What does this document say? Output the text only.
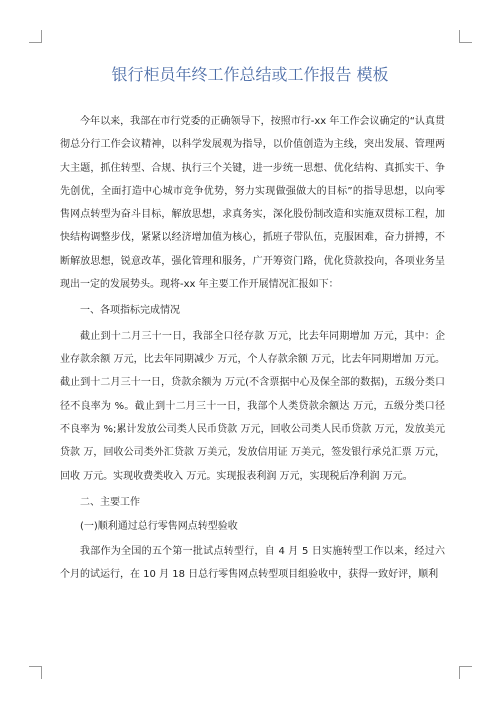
银行柜员年终工作总结或工作报告 模板

今年以来，我部在市行党委的正确领导下，按照市行-xx 年工作会议确定的“认真贯彻总分行工作会议精神，以科学发展观为指导，以价值创造为主线，突出发展、管理两大主题，抓住转型、合规、执行三个关键，进一步统一思想、优化结构、真抓实干、争先创优，全面打造中心城市竞争优势，努力实现做强做大的目标”的指导思想，以向零售网点转型为奋斗目标，解放思想，求真务实，深化股份制改造和实施双贯标工程，加快结构调整步伐，紧紧以经济增加值为核心，抓班子带队伍，克服困难，奋力拼搏，不断解放思想，锐意改革，强化管理和服务，广开筹资门路，优化贷款投向，各项业务呈现出一定的发展势头。现将-xx 年主要工作开展情况汇报如下：

一、各项指标完成情况

截止到十二月三十一日，我部全口径存款 万元，比去年同期增加 万元，其中：企业存款余额 万元，比去年同期减少 万元，个人存款余额 万元，比去年同期增加 万元。截止到十二月三十一日，贷款余额为 万元(不含票据中心及保全部的数据)，五级分类口径不良率为 %。截止到十二月三十一日，我部个人类贷款余额达 万元，五级分类口径不良率为 %;累计发放公司类人民币贷款 万元，回收公司类人民币贷款 万元，发放美元贷款 万，回收公司类外汇贷款 万美元，发放信用证 万美元，签发银行承兑汇票 万元，回收 万元。实现收费类收入 万元。实现报表利润 万元，实现税后净利润 万元。

二、主要工作

(一)顺利通过总行零售网点转型验收

我部作为全国的五个第一批试点转型行，自 4 月 5 日实施转型工作以来，经过六个月的试运行，在 10 月 18 日总行零售网点转型项目组验收中，获得一致好评，顺利
